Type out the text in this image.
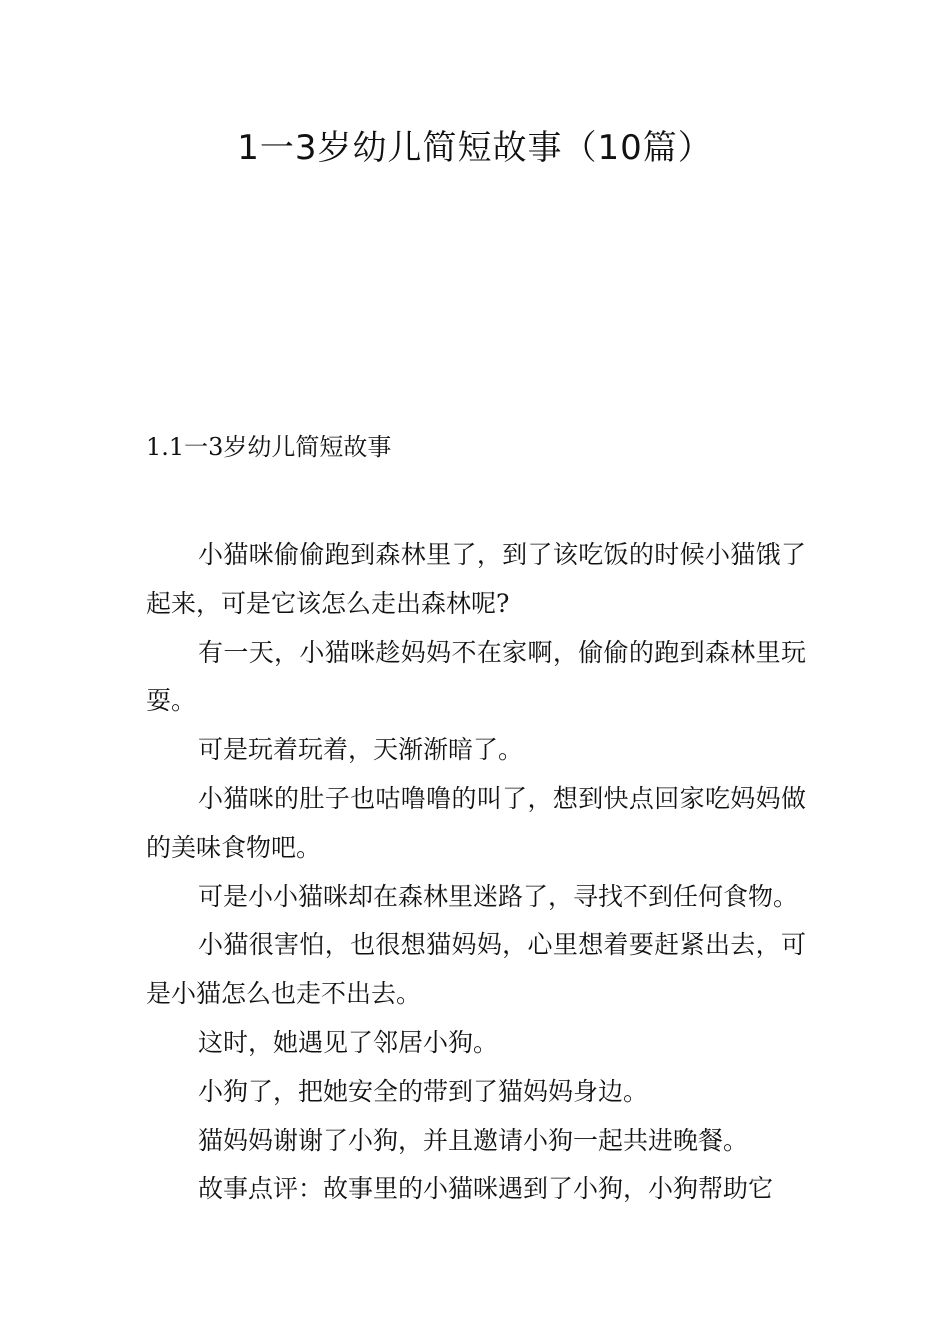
1一3岁幼儿简短故事（10篇）
1.1一3岁幼儿简短故事

小猫咪偷偷跑到森林里了，到了该吃饭的时候小猫饿了起来，可是它该怎么走出森林呢?

有一天，小猫咪趁妈妈不在家啊，偷偷的跑到森林里玩耍。

可是玩着玩着，天渐渐暗了。

小猫咪的肚子也咕噜噜的叫了，想到快点回家吃妈妈做的美味食物吧。

可是小小猫咪却在森林里迷路了，寻找不到任何食物。

小猫很害怕，也很想猫妈妈，心里想着要赶紧出去，可是小猫怎么也走不出去。

这时，她遇见了邻居小狗。

小狗了，把她安全的带到了猫妈妈身边。

猫妈妈谢谢了小狗，并且邀请小狗一起共进晚餐。

故事点评：故事里的小猫咪遇到了小狗，小狗帮助它
